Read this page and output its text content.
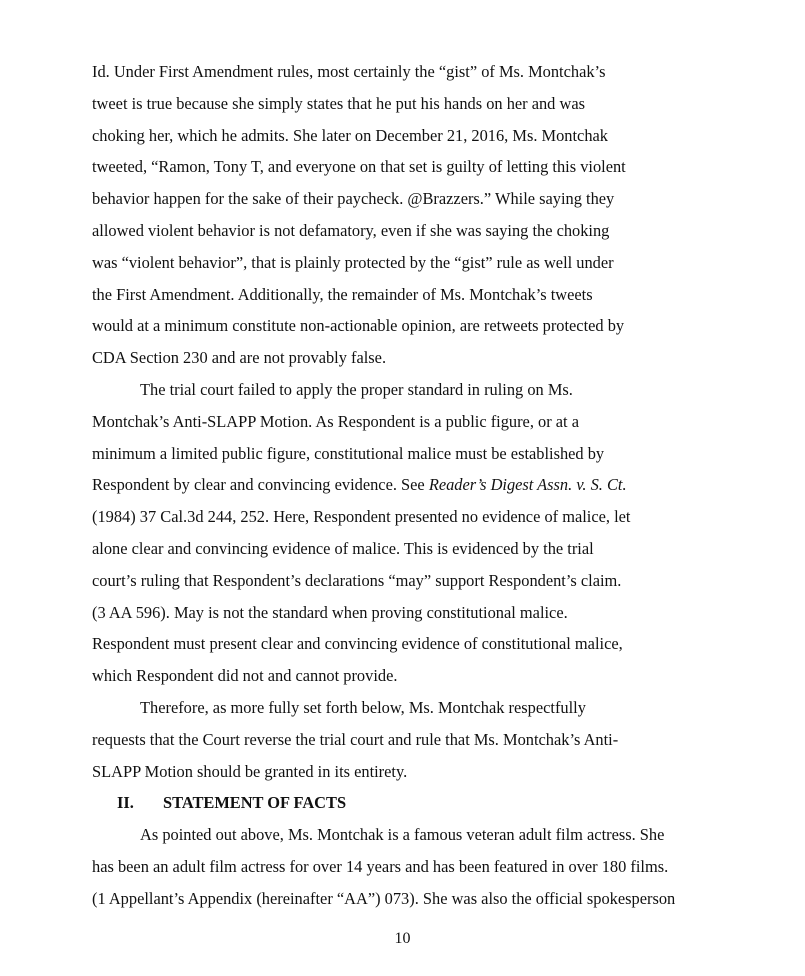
Id. Under First Amendment rules, most certainly the “gist” of Ms. Montchak’s
tweet is true because she simply states that he put his hands on her and was
choking her, which he admits. She later on December 21, 2016, Ms. Montchak
tweeted, “Ramon, Tony T, and everyone on that set is guilty of letting this violent
behavior happen for the sake of their paycheck. @Brazzers.” While saying they
allowed violent behavior is not defamatory, even if she was saying the choking
was “violent behavior”, that is plainly protected by the “gist” rule as well under
the First Amendment. Additionally, the remainder of Ms. Montchak’s tweets
would at a minimum constitute non-actionable opinion, are retweets protected by
CDA Section 230 and are not provably false.
The trial court failed to apply the proper standard in ruling on Ms.
Montchak’s Anti-SLAPP Motion. As Respondent is a public figure, or at a
minimum a limited public figure, constitutional malice must be established by
Respondent by clear and convincing evidence. See Reader’s Digest Assn. v. S. Ct.
(1984) 37 Cal.3d 244, 252. Here, Respondent presented no evidence of malice, let
alone clear and convincing evidence of malice. This is evidenced by the trial
court’s ruling that Respondent’s declarations “may” support Respondent’s claim.
(3 AA 596). May is not the standard when proving constitutional malice.
Respondent must present clear and convincing evidence of constitutional malice,
which Respondent did not and cannot provide.
Therefore, as more fully set forth below, Ms. Montchak respectfully
requests that the Court reverse the trial court and rule that Ms. Montchak’s Anti-
SLAPP Motion should be granted in its entirety.
II. STATEMENT OF FACTS
As pointed out above, Ms. Montchak is a famous veteran adult film actress. She
has been an adult film actress for over 14 years and has been featured in over 180 films.
(1 Appellant’s Appendix (hereinafter “AA”) 073). She was also the official spokesperson
10
